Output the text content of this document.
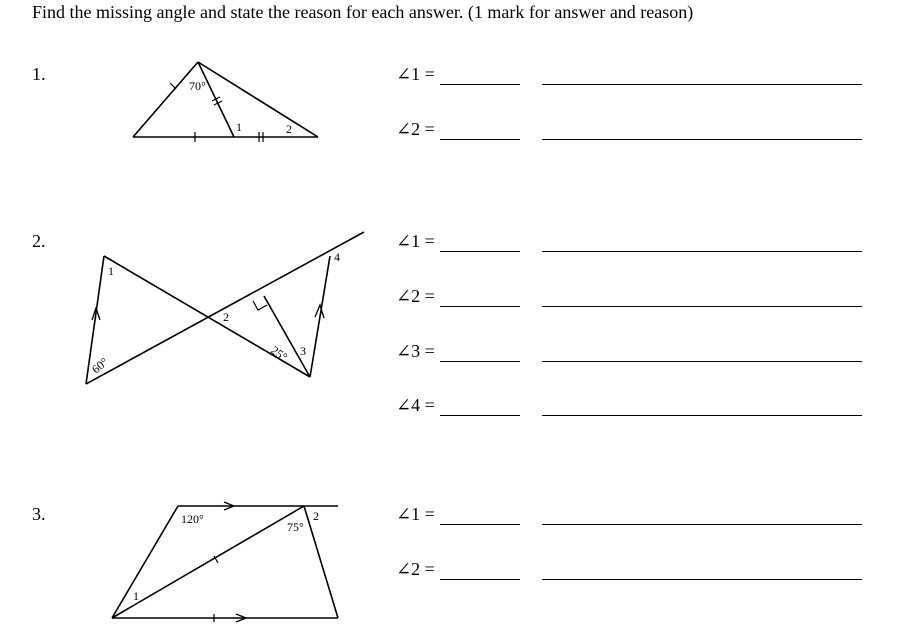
Find the missing angle and state the reason for each answer. (1 mark for answer and reason)
1.
2.
3.
70°
1	2
1
2
3
4
60°
25°
120°
75°
1
2
∠1 =
∠2 =
∠1 =
∠2 =
∠3 =
∠4 =
∠1 =
∠2 =
